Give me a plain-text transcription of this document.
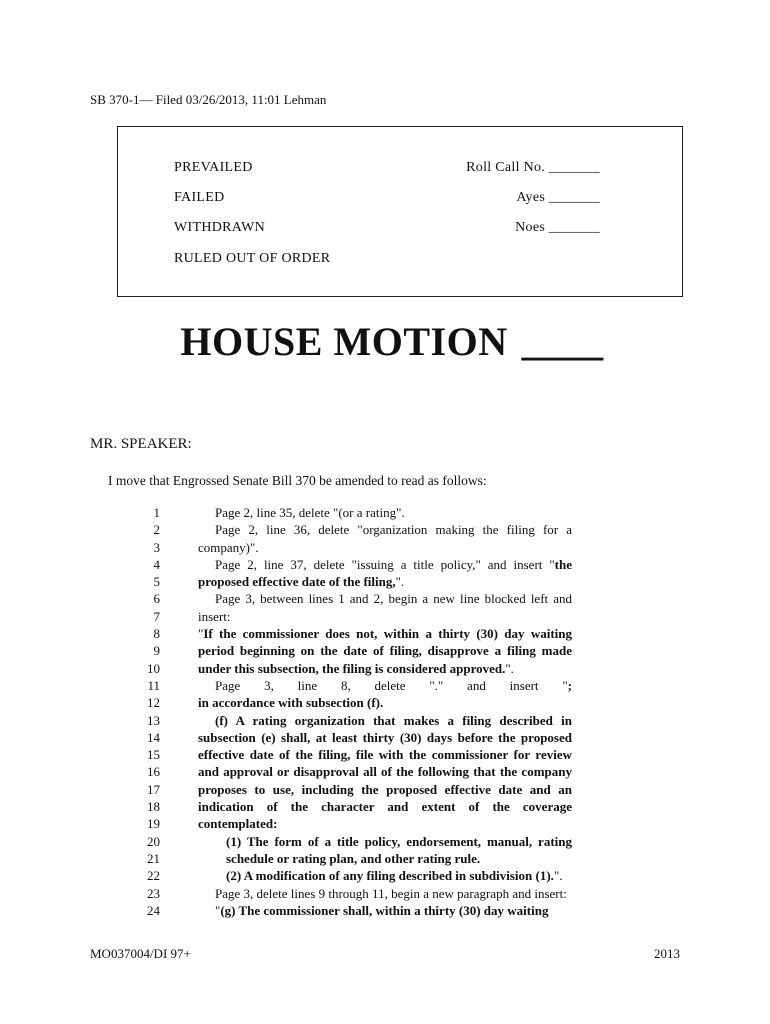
SB 370-1— Filed 03/26/2013, 11:01 Lehman
PREVAILED
FAILED
WITHDRAWN
RULED OUT OF ORDER
Roll Call No. _______
Ayes _______
Noes _______
HOUSE MOTION ____
MR. SPEAKER:
I move that Engrossed Senate Bill 370 be amended to read as follows:
1	Page 2, line 35, delete "(or a rating".
2	Page 2, line 36, delete "organization making the filing for a
3	company)".
4	Page 2, line 37, delete "issuing a title policy," and insert "the
5	proposed effective date of the filing,".
6	Page 3, between lines 1 and 2, begin a new line blocked left and
7	insert:
8	"If the commissioner does not, within a thirty (30) day waiting
9	period beginning on the date of filing, disapprove a filing made
10	under this subsection, the filing is considered approved.".
11	Page 3, line 8, delete "." and insert ";
12	in accordance with subsection (f).
13	(f) A rating organization that makes a filing described in
14	subsection (e) shall, at least thirty (30) days before the proposed
15	effective date of the filing, file with the commissioner for review
16	and approval or disapproval all of the following that the company
17	proposes to use, including the proposed effective date and an
18	indication of the character and extent of the coverage
19	contemplated:
20	(1) The form of a title policy, endorsement, manual, rating
21	schedule or rating plan, and other rating rule.
22	(2) A modification of any filing described in subdivision (1).".
23	Page 3, delete lines 9 through 11, begin a new paragraph and insert:
24	"(g) The commissioner shall, within a thirty (30) day waiting
MO037004/DI 97+	2013
